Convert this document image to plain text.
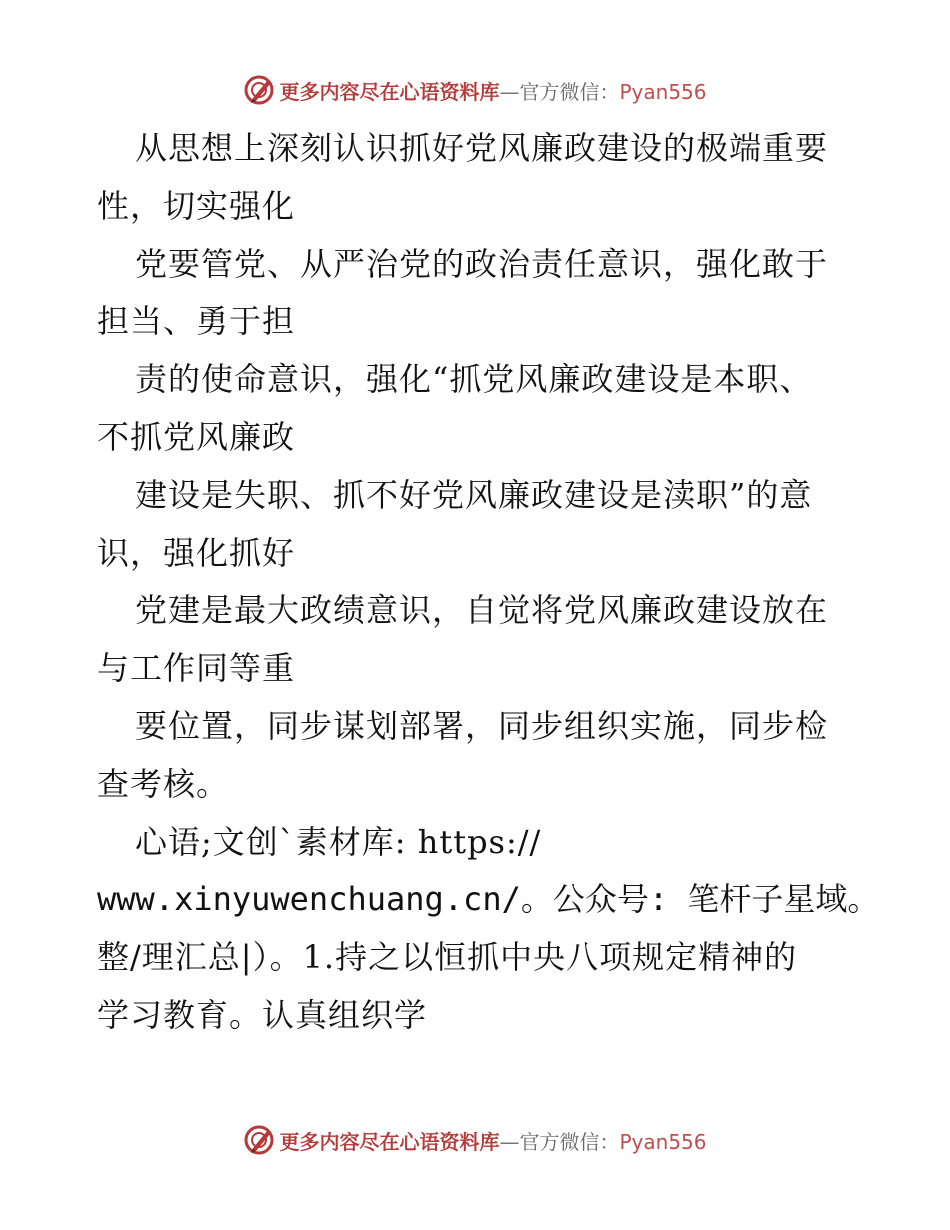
更多内容尽在心语资料库—官方微信：Pyan556
从思想上深刻认识抓好党风廉政建设的极端重要
性，切实强化
党要管党、从严治党的政治责任意识，强化敢于
担当、勇于担
责的使命意识，强化“抓党风廉政建设是本职、
不抓党风廉政
建设是失职、抓不好党风廉政建设是渎职”的意
识，强化抓好
党建是最大政绩意识，自觉将党风廉政建设放在
与工作同等重
要位置，同步谋划部署，同步组织实施，同步检
查考核。
心语;文创`素材库: https://
www.xinyuwenchuang.cn/。公众号: 笔杆子星域。
整/理汇总|）。1.持之以恒抓中央八项规定精神的
学习教育。认真组织学
更多内容尽在心语资料库—官方微信：Pyan556
